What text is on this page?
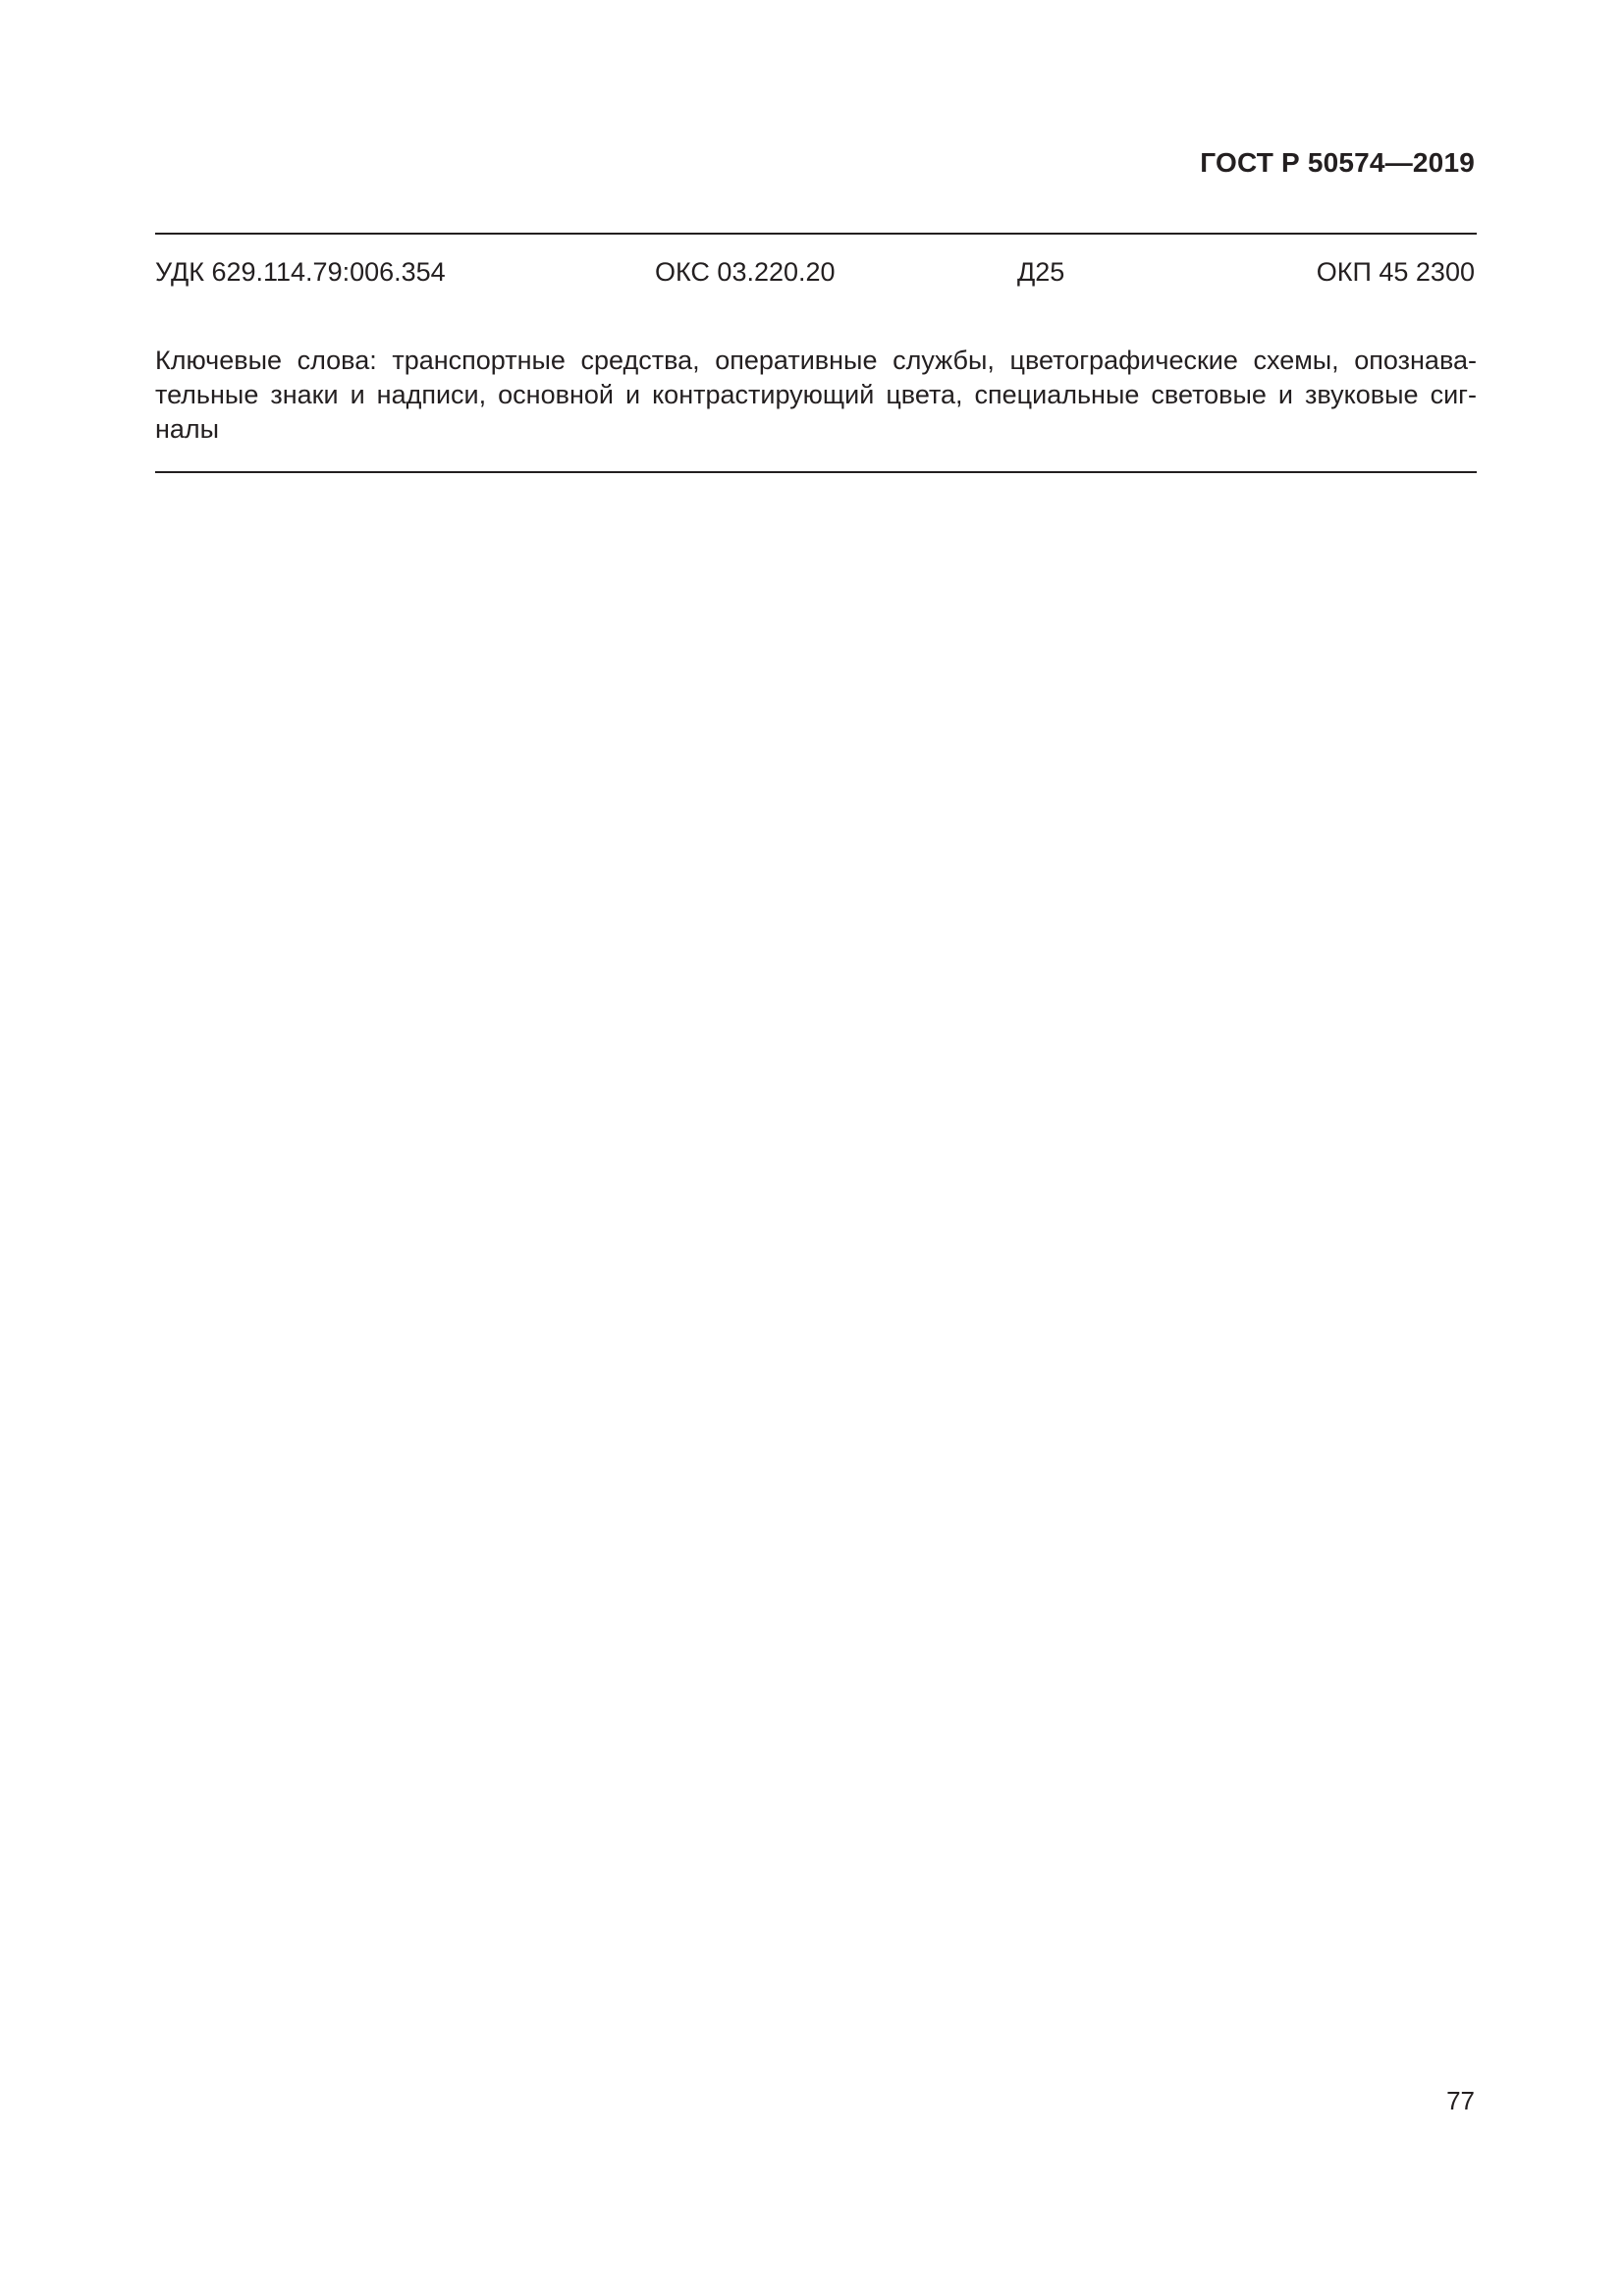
ГОСТ Р 50574—2019
УДК 629.114.79:006.354	ОКС 03.220.20	Д25	ОКП 45 2300
Ключевые слова: транспортные средства, оперативные службы, цветографические схемы, опознава-
тельные знаки и надписи, основной и контрастирующий цвета, специальные световые и звуковые сиг-
налы
77
